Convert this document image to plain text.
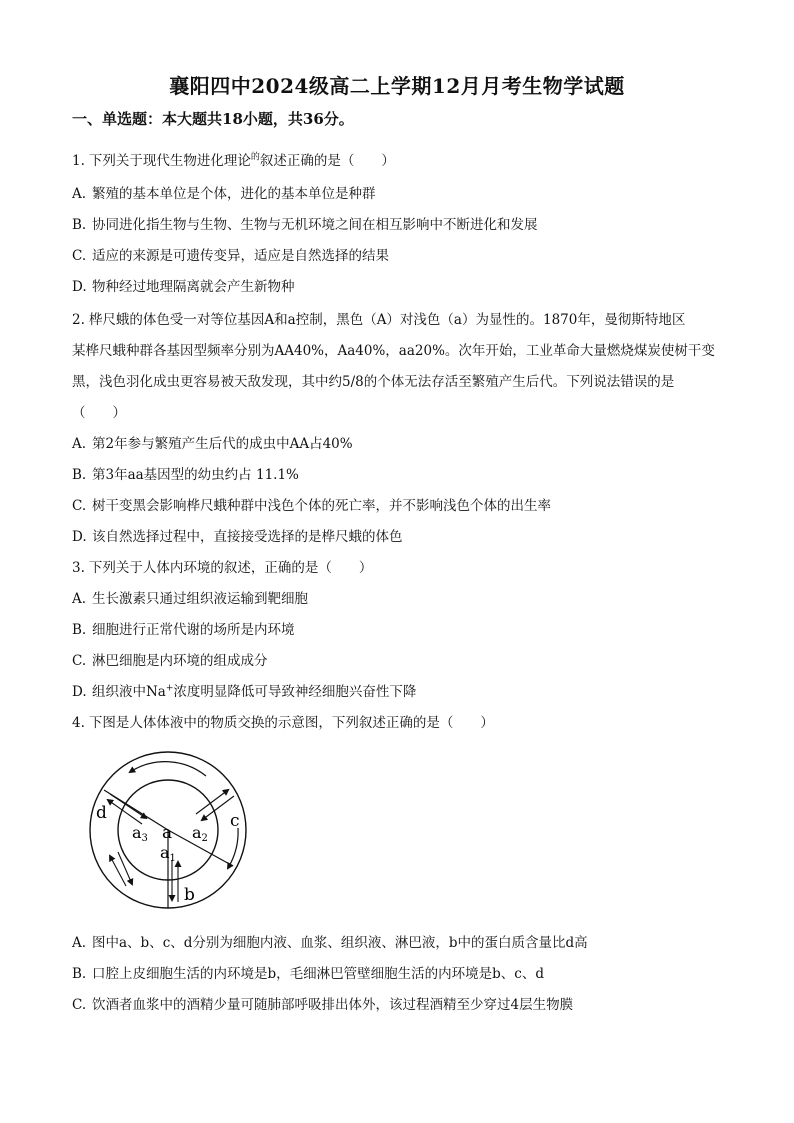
襄阳四中2024级高二上学期12月月考生物学试题
一、单选题：本大题共18小题，共36分。
1. 下列关于现代生物进化理论$^的$叙述正确的是（　　）
A. 繁殖的基本单位是个体，进化的基本单位是种群
B. 协同进化指生物与生物、生物与无机环境之间在相互影响中不断进化和发展
C. 适应的来源是可遗传变异，适应是自然选择的结果
D. 物种经过地理隔离就会产生新物种
2. 桦尺蛾的体色受一对等位基因A和a控制，黑色（A）对浅色（a）为显性的。1870年，曼彻斯特地区
某桦尺蛾种群各基因型频率分别为AA40%，Aa40%，aa20%。次年开始，工业革命大量燃烧煤炭使树干变
黑，浅色羽化成虫更容易被天敌发现，其中约5/8的个体无法存活至繁殖产生后代。下列说法错误的是
（　　）
A. 第2年参与繁殖产生后代的成虫中AA占40%
B. 第3年aa基因型的幼虫约占 11.1%
C. 树干变黑会影响桦尺蛾种群中浅色个体的死亡率，并不影响浅色个体的出生率
D. 该自然选择过程中，直接接受选择的是桦尺蛾的体色
3. 下列关于人体内环境的叙述，正确的是（　　）
A. 生长激素只通过组织液运输到靶细胞
B. 细胞进行正常代谢的场所是内环境
C. 淋巴细胞是内环境的组成成分
D. 组织液中Na+浓度明显降低可导致神经细胞兴奋性下降
4. 下图是人体体液中的物质交换的示意图，下列叙述正确的是（　　）
a
a3	a2
a1
b
c
d
A. 图中a、b、c、d分别为细胞内液、血浆、组织液、淋巴液，b中的蛋白质含量比d高
B. 口腔上皮细胞生活的内环境是b，毛细淋巴管壁细胞生活的内环境是b、c、d
C. 饮酒者血浆中的酒精少量可随肺部呼吸排出体外，该过程酒精至少穿过4层生物膜
